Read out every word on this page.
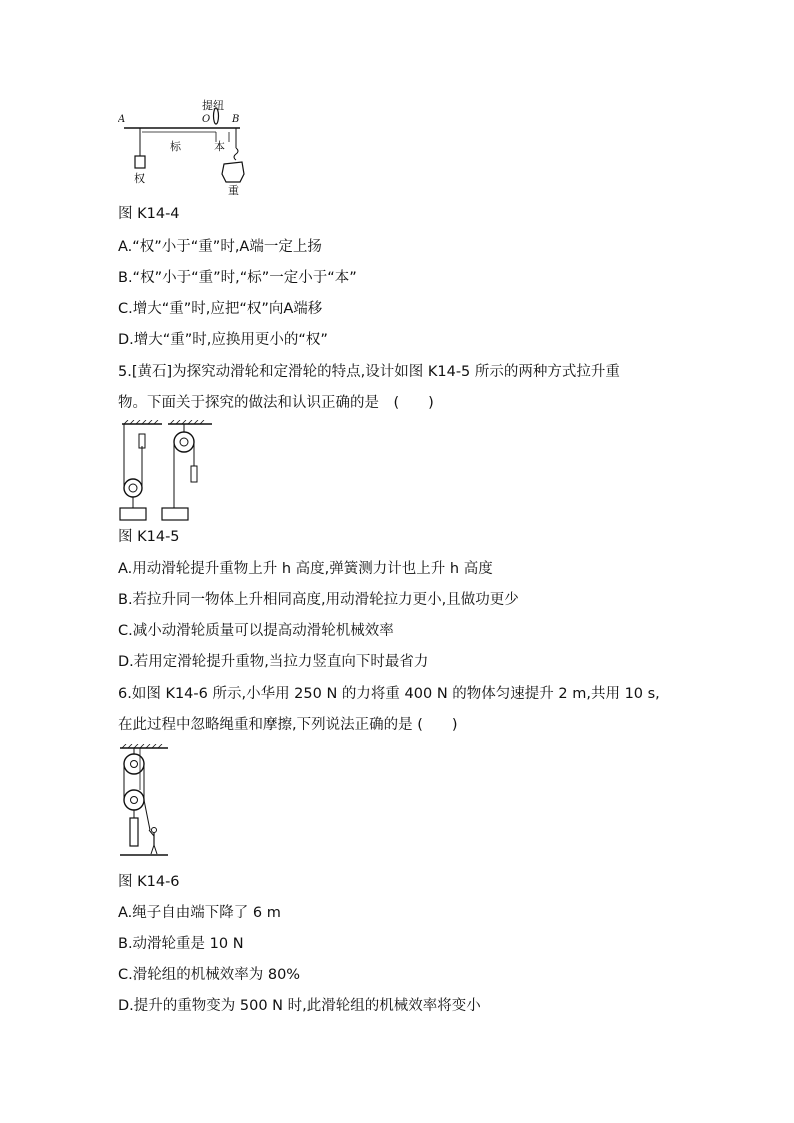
A	O B
提纽
标	本
权
重
图 K14-4
A.“权”小于“重”时,A端一定上扬
B.“权”小于“重”时,“标”一定小于“本”
C.增大“重”时,应把“权”向A端移
D.增大“重”时,应换用更小的“权”
5.[黄石]为探究动滑轮和定滑轮的特点,设计如图 K14-5 所示的两种方式拉升重
物。下面关于探究的做法和认识正确的是　(　　)
图 K14-5
A.用动滑轮提升重物上升 h 高度,弹簧测力计也上升 h 高度
B.若拉升同一物体上升相同高度,用动滑轮拉力更小,且做功更少
C.减小动滑轮质量可以提高动滑轮机械效率
D.若用定滑轮提升重物,当拉力竖直向下时最省力
6.如图 K14-6 所示,小华用 250 N 的力将重 400 N 的物体匀速提升 2 m,共用 10 s,
在此过程中忽略绳重和摩擦,下列说法正确的是 (　　)
图 K14-6
A.绳子自由端下降了 6 m
B.动滑轮重是 10 N
C.滑轮组的机械效率为 80%
D.提升的重物变为 500 N 时,此滑轮组的机械效率将变小
